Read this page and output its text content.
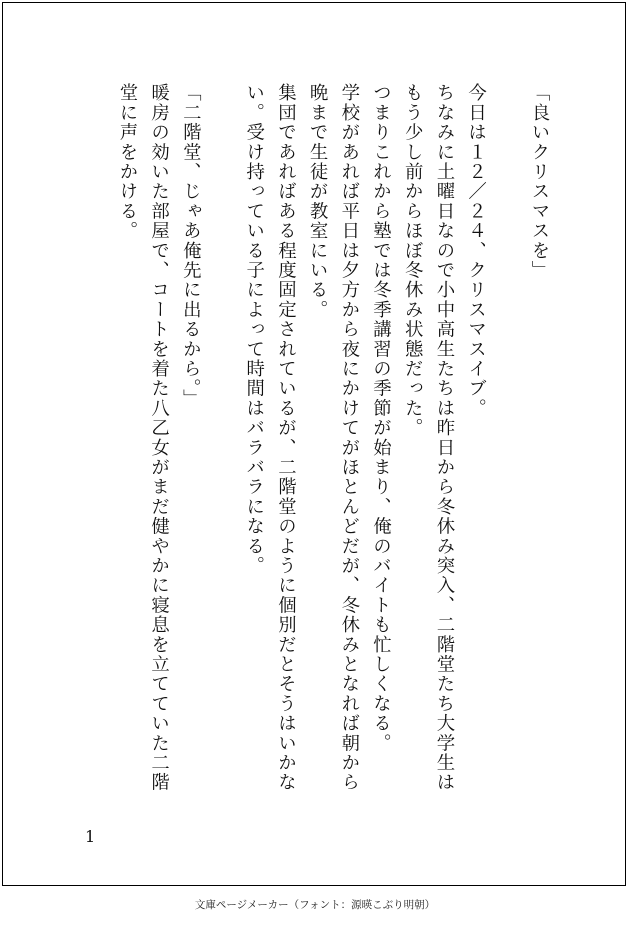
「良いクリスマスを」
今日は１２／２４、クリスマスイブ。
ちなみに土曜日なので小中高生たちは昨日から冬休み突入、二階堂たち大学生は
もう少し前からほぼ冬休み状態だった。
つまりこれから塾では冬季講習の季節が始まり、俺のバイトも忙しくなる。
学校があれば平日は夕方から夜にかけてがほとんどだが、冬休みとなれば朝から
晩まで生徒が教室にいる。
集団であればある程度固定されているが、二階堂のように個別だとそうはいかな
い。受け持っている子によって時間はバラバラになる。
「二階堂、じゃあ俺先に出るから。」
暖房の効いた部屋で、コートを着た八乙女がまだ健やかに寝息を立てていた二階
堂に声をかける。
1
文庫ページメーカー（フォント：源暎こぶり明朝）
